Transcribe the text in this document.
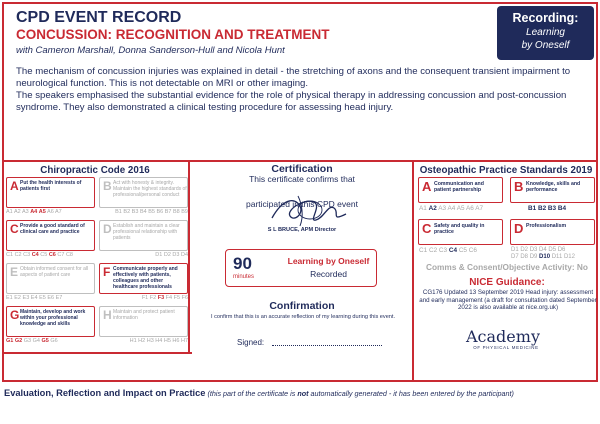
CPD EVENT RECORD
CONCUSSION: RECOGNITION AND TREATMENT
with Cameron Marshall, Donna Sanderson-Hull and Nicola Hunt
Recording:
Learning
by Oneself

The mechanism of concussion injuries was explained in detail - the stretching of axons and the consequent transient impairment to neurological function. This is not detectable on MRI or other imaging.

The speakers emphasised the substantial evidence for the role of physical therapy in addressing concussion and post-concussion syndrome. They also demonstrated a clinical testing procedure for assessing head injury.

Chiropractic Code 2016
A Put the health interests of patients first
A1 A2 A3 A4 A5 A6 A7
B Act with honesty & integrity. Maintain the highest standards of professional/personal conduct
B1 B2 B3 B4 B5 B6 B7 B8 B9
C Provide a good standard of clinical care and practice
C1 C2 C3 C4 C5 C6 C7 C8
D Establish and maintain a clear professional relationship with patients
D1 D2 D3 D4
E Obtain informed consent for all aspects of patient care
E1 E2 E3 E4 E5 E6 E7
F Communicate properly and effectively with patients, colleagues and other healthcare professionals
F1 F2 F3 F4 F5 F6
G Maintain, develop and work within your professional knowledge and skills
G1 G2 G3 G4 G5 G6
H Maintain and protect patient information
H1 H2 H3 H4 H5 H6 H7
Certification
This certificate confirms that
participated in this CPD event
S L BRUCE, APM Director
90
minutes
Learning by Oneself
Recorded
Confirmation
I confirm that this is an accurate reflection of my learning during this event.
Signed:
Osteopathic Practice Standards 2019
A Communication and patient partnership
A1 A2 A3 A4 A5 A6 A7
B Knowledge, skills and performance
B1 B2 B3 B4
C Safety and quality in practice
C1 C2 C3 C4 C5 C6
D Professionalism
D1 D2 D3 D4 D5 D6
D7 D8 D9 D10 D11 D12
Comms & Consent/Objective Activity: No
NICE Guidance:
CG176 Updated 13 September 2019 Head injury: assessment and early management (a draft for consultation dated September 2022 is also available at nice.org.uk)
Academy
OF PHYSICAL MEDICINE
Evaluation, Reflection and Impact on Practice (this part of the certificate is not automatically generated - it has been entered by the participant)
